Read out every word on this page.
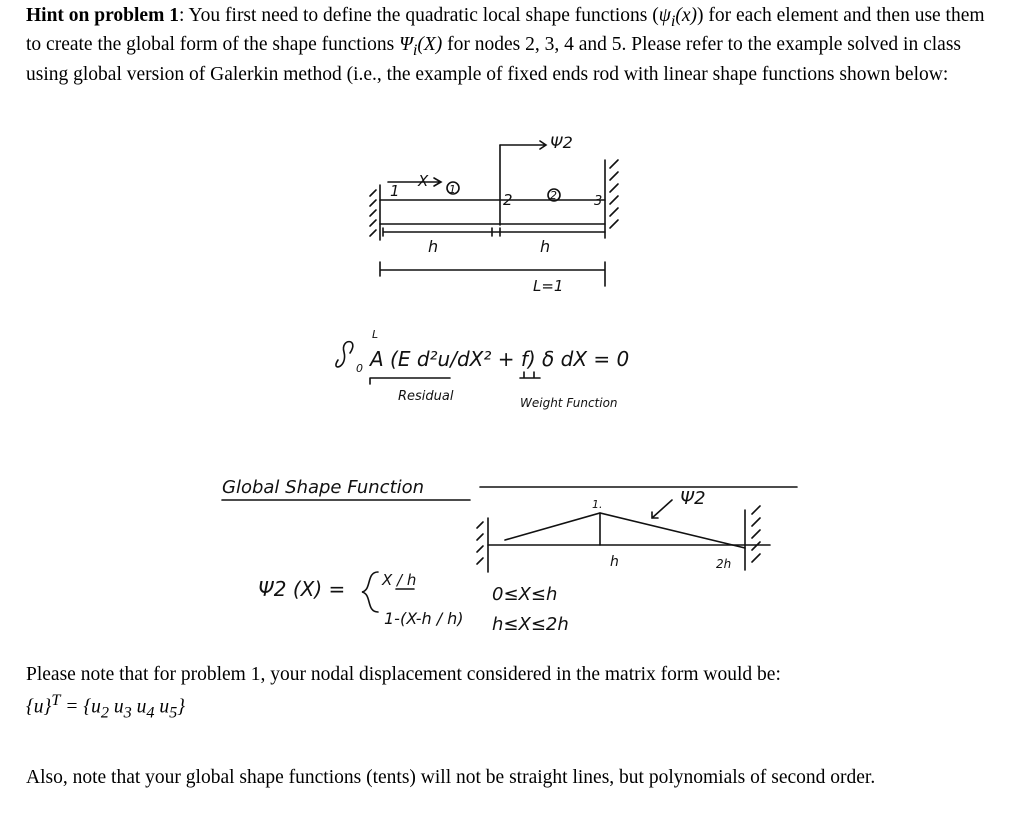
Hint on problem 1: You first need to define the quadratic local shape functions $(\psi_i(x))$ for each element and then use them to create the global form of the shape functions $\Psi_i(X)$ for nodes 2, 3, 4 and 5. Please refer to the example solved in class using global version of Galerkin method (i.e., the example of fixed ends rod with linear shape functions shown below:
Ψ2
X 1	2
1	2	3
h	h
L=1
0
L
A (E d²u/dX² + f) δ dX = 0
Residual	Weight Function
Global Shape Function
1.	Ψ2
h	2h
Ψ2 (X) = X / h
1-(X-h / h)
0≤X≤h
h≤X≤2h
Please note that for problem 1, your nodal displacement considered in the matrix form would be:
$\{u\}^T = \{u_2$ $u_3$ $u_4$ $u_5$}
Also, note that your global shape functions (tents) will not be straight lines, but polynomials of second order.
